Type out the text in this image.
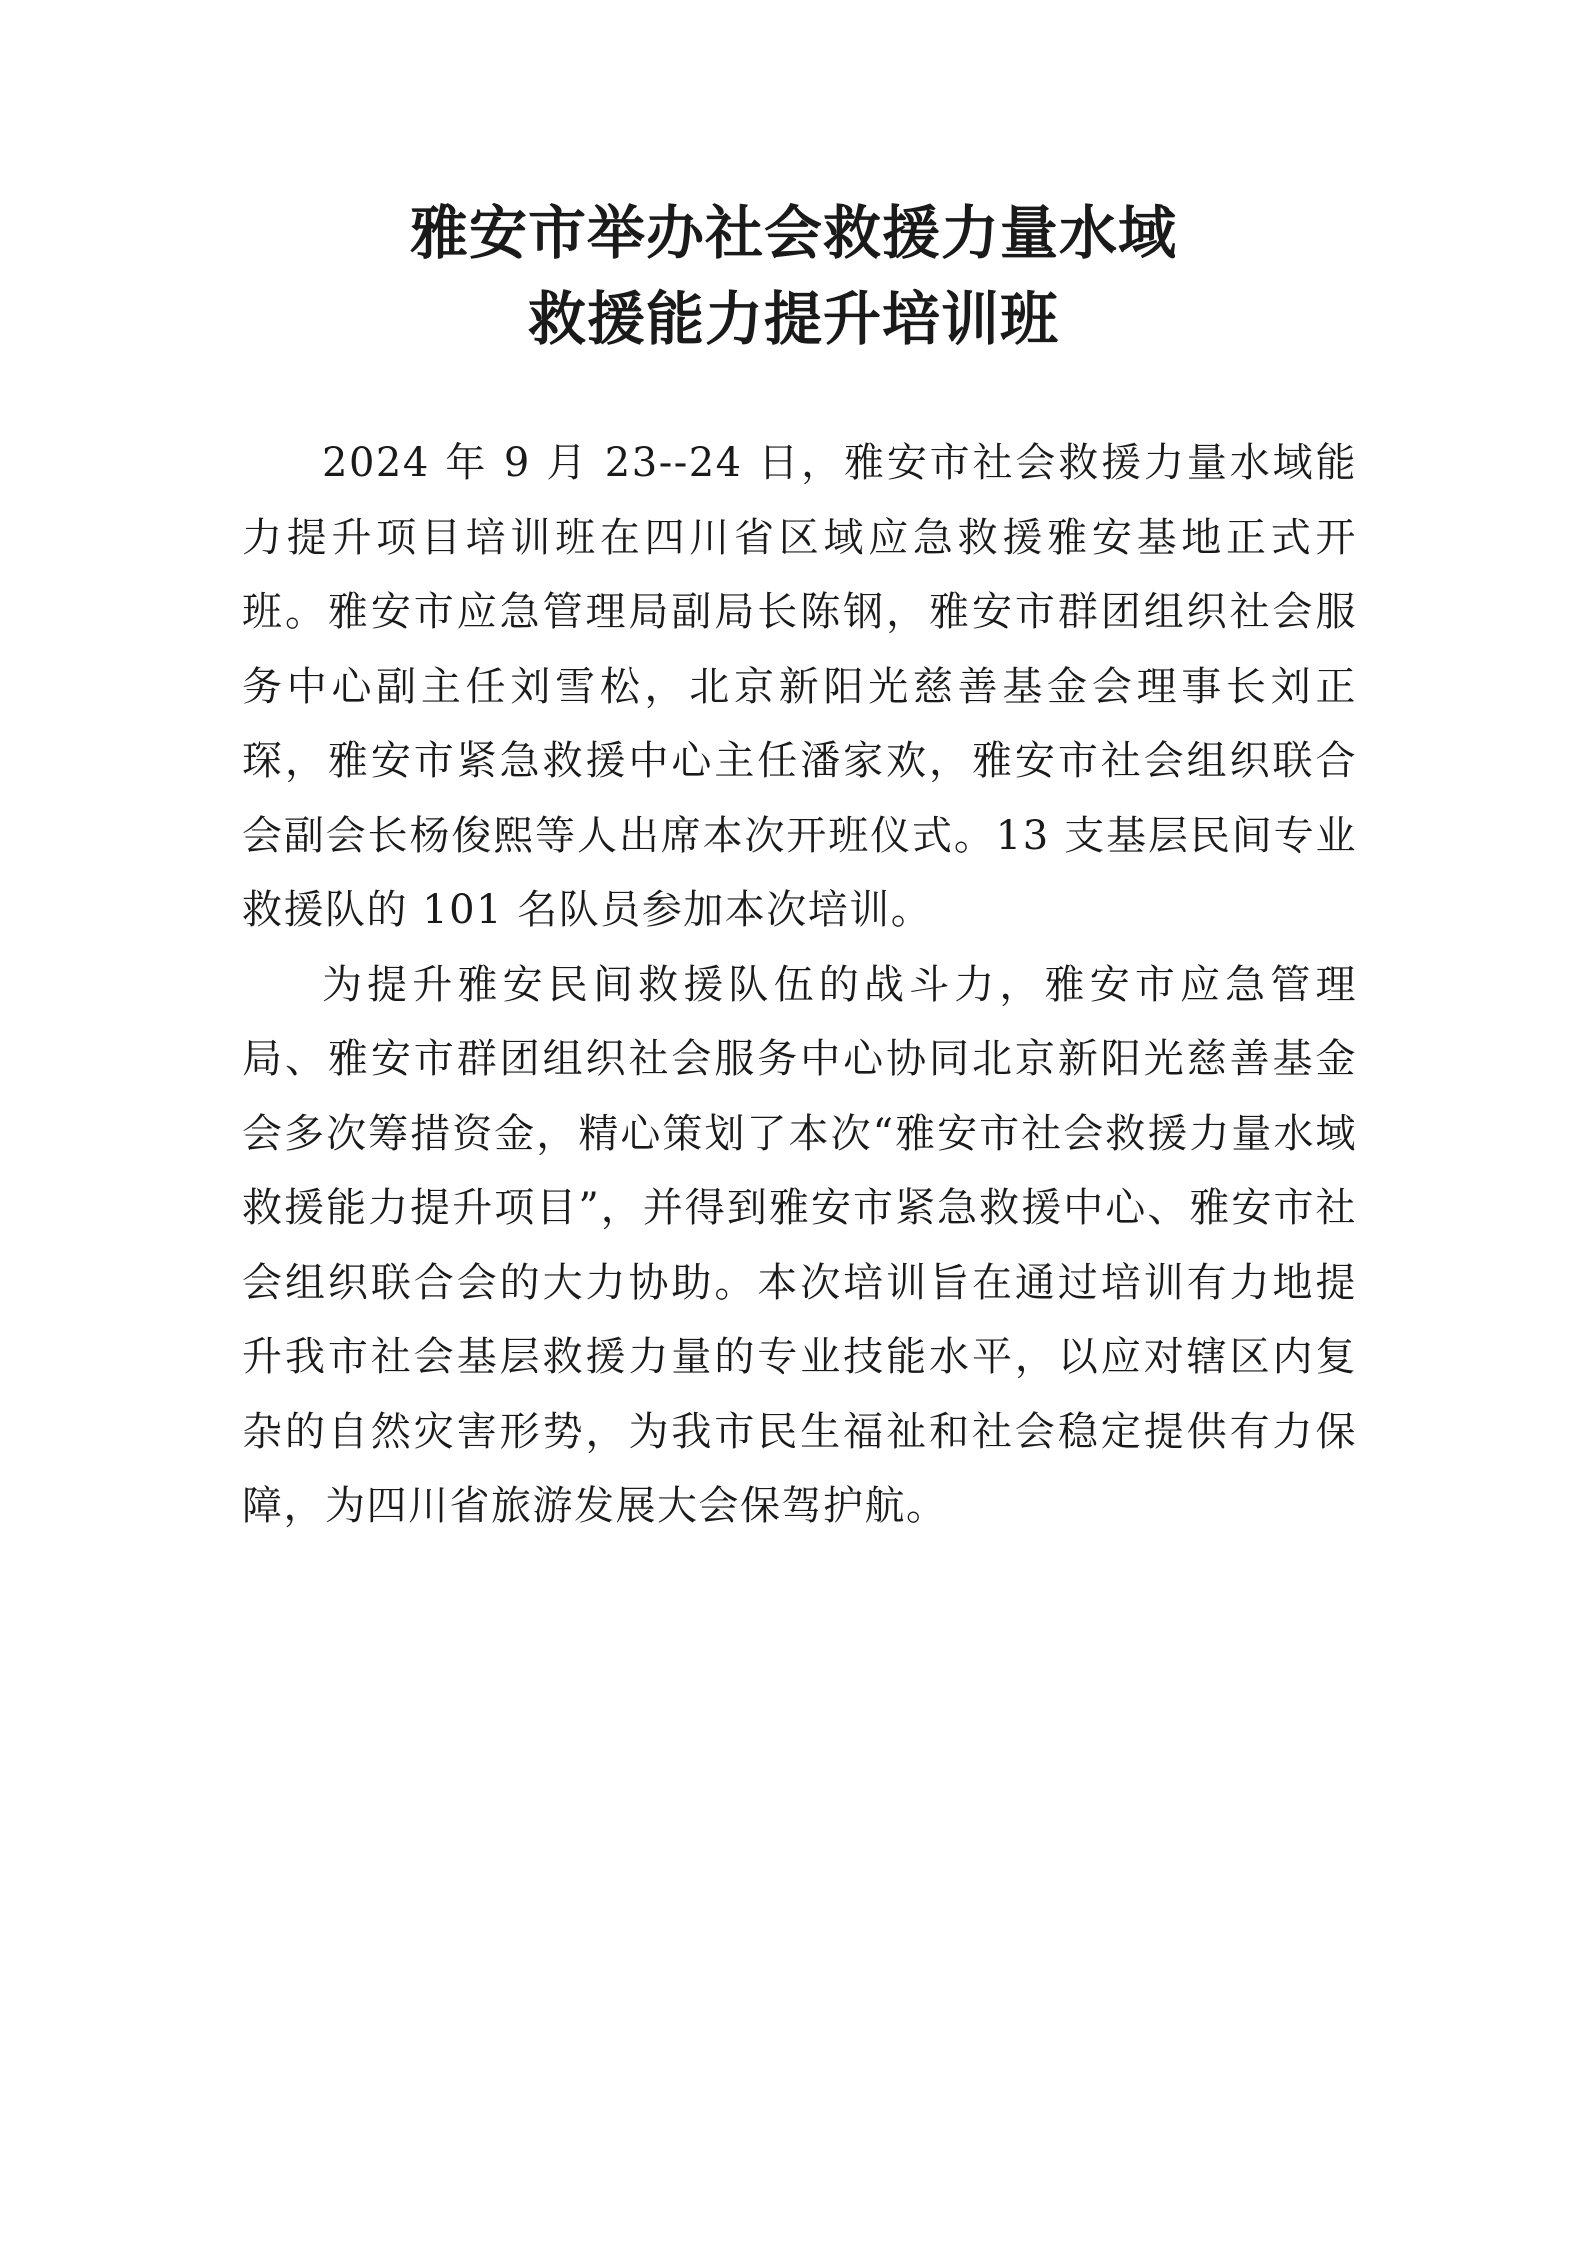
雅安市举办社会救援力量水域
救援能力提升培训班

2024 年 9 月 23--24 日，雅安市社会救援力量水域能力提升项目培训班在四川省区域应急救援雅安基地正式开班。雅安市应急管理局副局长陈钢，雅安市群团组织社会服务中心副主任刘雪松，北京新阳光慈善基金会理事长刘正琛，雅安市紧急救援中心主任潘家欢，雅安市社会组织联合会副会长杨俊熙等人出席本次开班仪式。13 支基层民间专业救援队的 101 名队员参加本次培训。

为提升雅安民间救援队伍的战斗力，雅安市应急管理局、雅安市群团组织社会服务中心协同北京新阳光慈善基金会多次筹措资金，精心策划了本次“雅安市社会救援力量水域救援能力提升项目”，并得到雅安市紧急救援中心、雅安市社会组织联合会的大力协助。本次培训旨在通过培训有力地提升我市社会基层救援力量的专业技能水平，以应对辖区内复杂的自然灾害形势，为我市民生福祉和社会稳定提供有力保障，为四川省旅游发展大会保驾护航。
